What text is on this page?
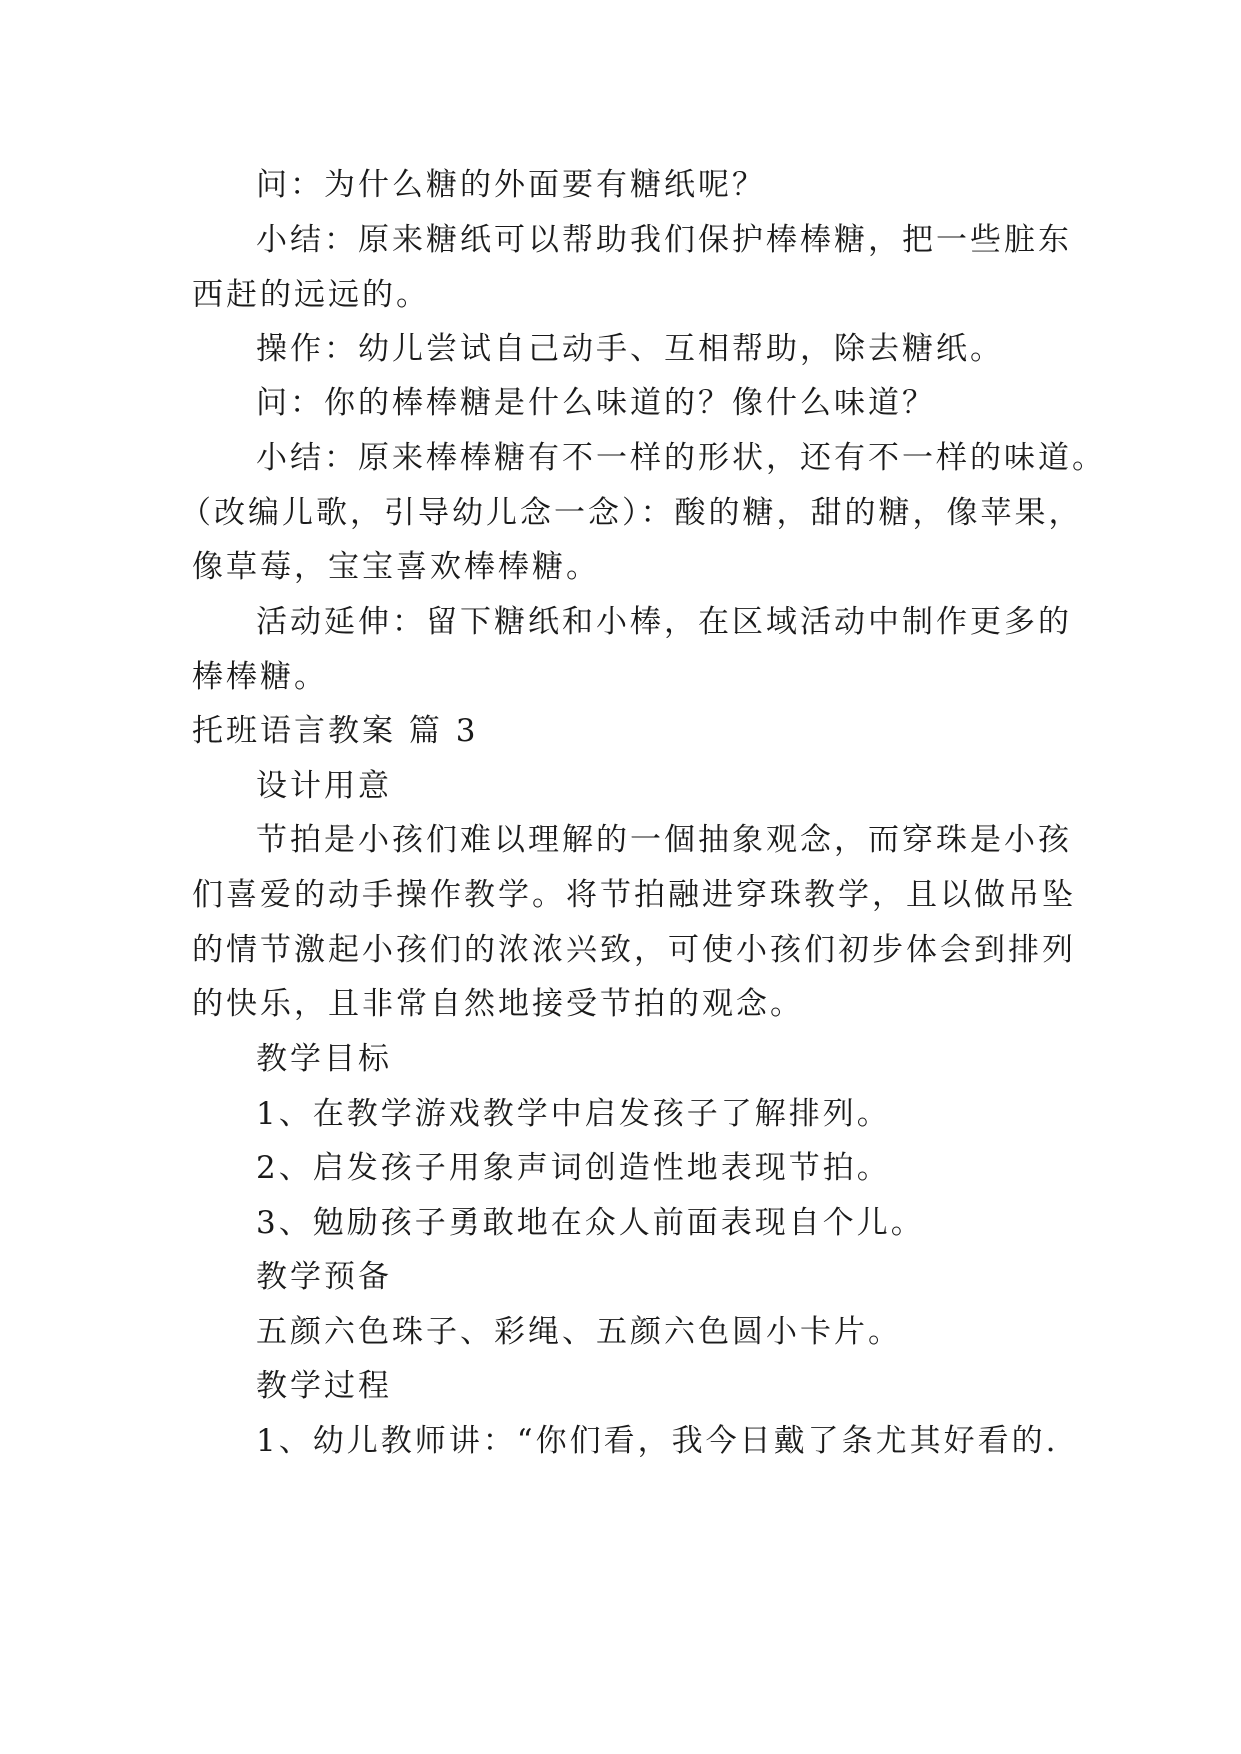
问：为什么糖的外面要有糖纸呢？
小结：原来糖纸可以帮助我们保护棒棒糖，把一些脏东
西赶的远远的。
操作：幼儿尝试自己动手、互相帮助，除去糖纸。
问：你的棒棒糖是什么味道的？像什么味道？
小结：原来棒棒糖有不一样的形状，还有不一样的味道。
（改编儿歌，引导幼儿念一念）：酸的糖，甜的糖，像苹果，
像草莓，宝宝喜欢棒棒糖。
活动延伸：留下糖纸和小棒，在区域活动中制作更多的
棒棒糖。
托班语言教案 篇 3
设计用意
节拍是小孩们难以理解的一個抽象观念，而穿珠是小孩
们喜爱的动手操作教学。将节拍融进穿珠教学，且以做吊坠
的情节激起小孩们的浓浓兴致，可使小孩们初步体会到排列
的快乐，且非常自然地接受节拍的观念。
教学目标
1、在教学游戏教学中启发孩子了解排列。
2、启发孩子用象声词创造性地表现节拍。
3、勉励孩子勇敢地在众人前面表现自个儿。
教学预备
五颜六色珠子、彩绳、五颜六色圆小卡片。
教学过程
1、幼儿教师讲：“你们看，我今日戴了条尤其好看的.
